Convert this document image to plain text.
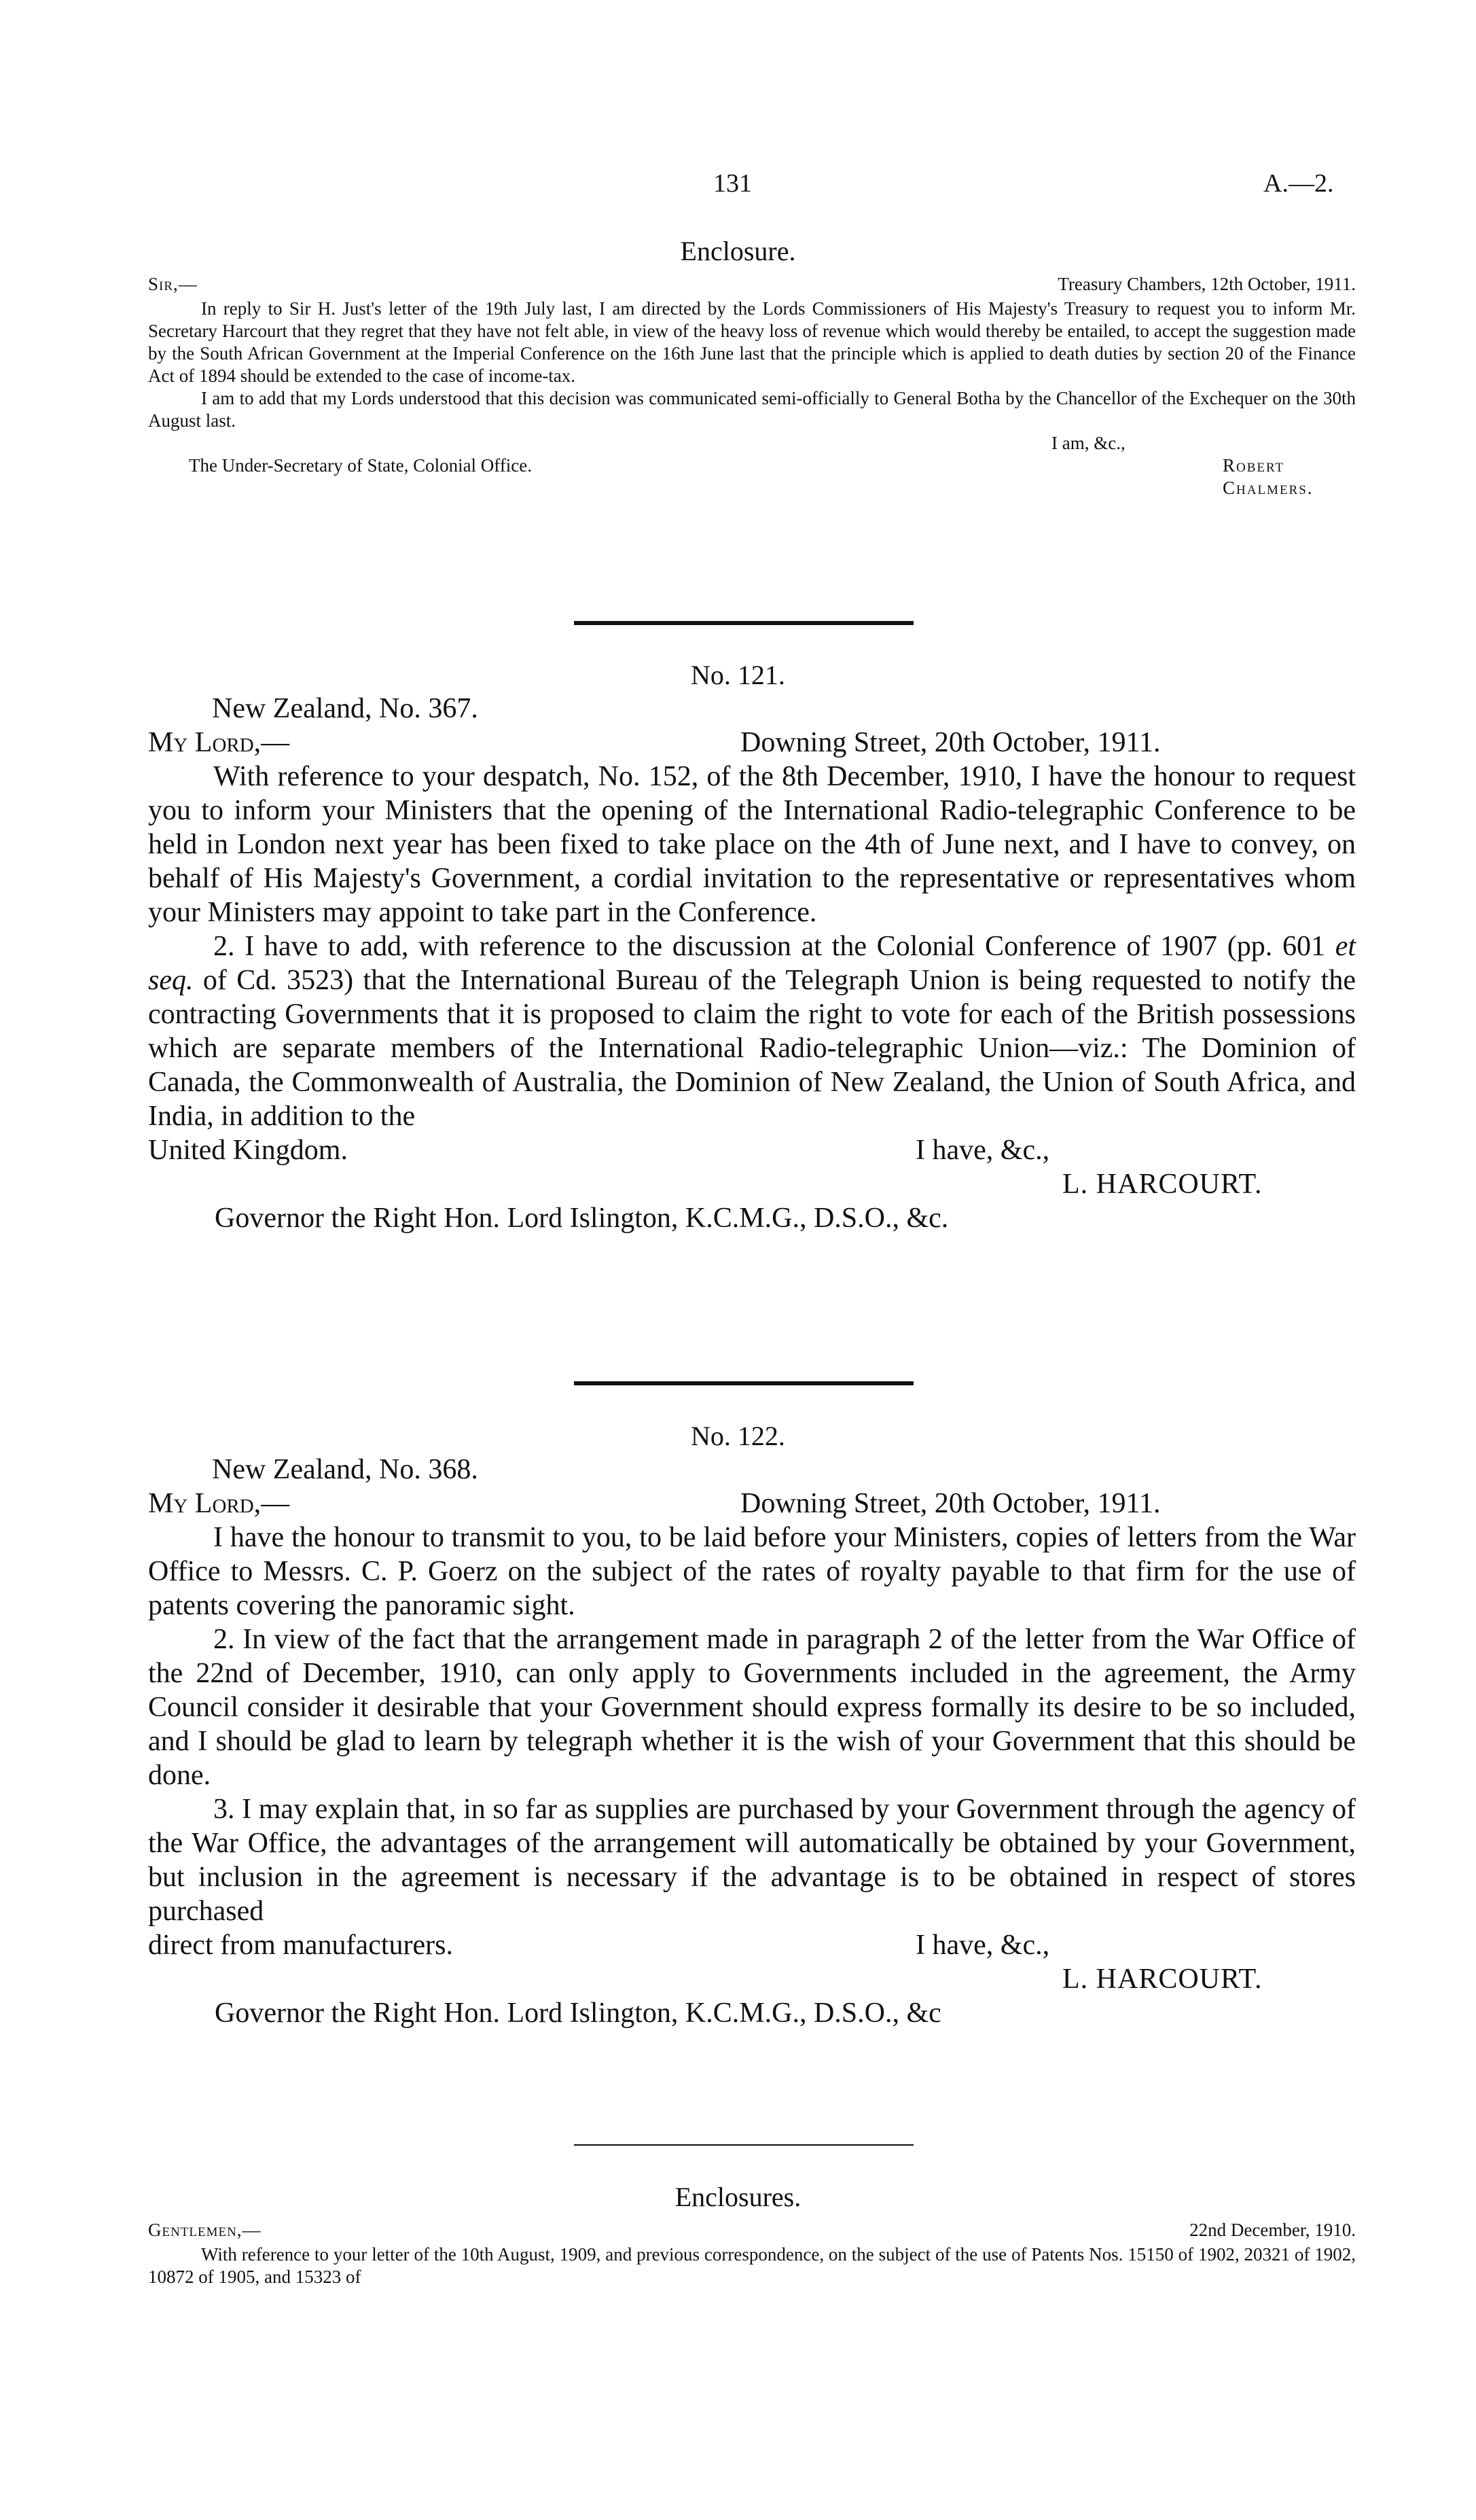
131	A.—2.
Enclosure.
Sir,—	Treasury Chambers, 12th October, 1911.

In reply to Sir H. Just's letter of the 19th July last, I am directed by the Lords Commissioners of His Majesty's Treasury to request you to inform Mr. Secretary Harcourt that they regret that they have not felt able, in view of the heavy loss of revenue which would thereby be entailed, to accept the suggestion made by the South African Government at the Imperial Conference on the 16th June last that the principle which is applied to death duties by section 20 of the Finance Act of 1894 should be extended to the case of income-tax.

I am to add that my Lords understood that this decision was communicated semi-officially to General Botha by the Chancellor of the Exchequer on the 30th August last.

I am, &c.,
The Under-Secretary of State, Colonial Office.	Robert Chalmers.
No. 121.
New Zealand, No. 367.
My Lord,—	Downing Street, 20th October, 1911.

With reference to your despatch, No. 152, of the 8th December, 1910, I have the honour to request you to inform your Ministers that the opening of the International Radio-telegraphic Conference to be held in London next year has been fixed to take place on the 4th of June next, and I have to convey, on behalf of His Majesty's Government, a cordial invitation to the representative or representatives whom your Ministers may appoint to take part in the Conference.

2. I have to add, with reference to the discussion at the Colonial Conference of 1907 (pp. 601 et seq. of Cd. 3523) that the International Bureau of the Telegraph Union is being requested to notify the contracting Governments that it is proposed to claim the right to vote for each of the British possessions which are separate members of the International Radio-telegraphic Union—viz.: The Dominion of Canada, the Commonwealth of Australia, the Dominion of New Zealand, the Union of South Africa, and India, in addition to the

United Kingdom.	I have, &c.,
L. HARCOURT.
Governor the Right Hon. Lord Islington, K.C.M.G., D.S.O., &c.
No. 122.
New Zealand, No. 368.
My Lord,—	Downing Street, 20th October, 1911.

I have the honour to transmit to you, to be laid before your Ministers, copies of letters from the War Office to Messrs. C. P. Goerz on the subject of the rates of royalty payable to that firm for the use of patents covering the panoramic sight.

2. In view of the fact that the arrangement made in paragraph 2 of the letter from the War Office of the 22nd of December, 1910, can only apply to Governments included in the agreement, the Army Council consider it desirable that your Government should express formally its desire to be so included, and I should be glad to learn by telegraph whether it is the wish of your Government that this should be done.

3. I may explain that, in so far as supplies are purchased by your Government through the agency of the War Office, the advantages of the arrangement will automatically be obtained by your Government, but inclusion in the agreement is necessary if the advantage is to be obtained in respect of stores purchased

direct from manufacturers.	I have, &c.,
L. HARCOURT.
Governor the Right Hon. Lord Islington, K.C.M.G., D.S.O., &c
Enclosures.
Gentlemen,—	22nd December, 1910.

With reference to your letter of the 10th August, 1909, and previous correspondence, on the subject of the use of Patents Nos. 15150 of 1902, 20321 of 1902, 10872 of 1905, and 15323 of
